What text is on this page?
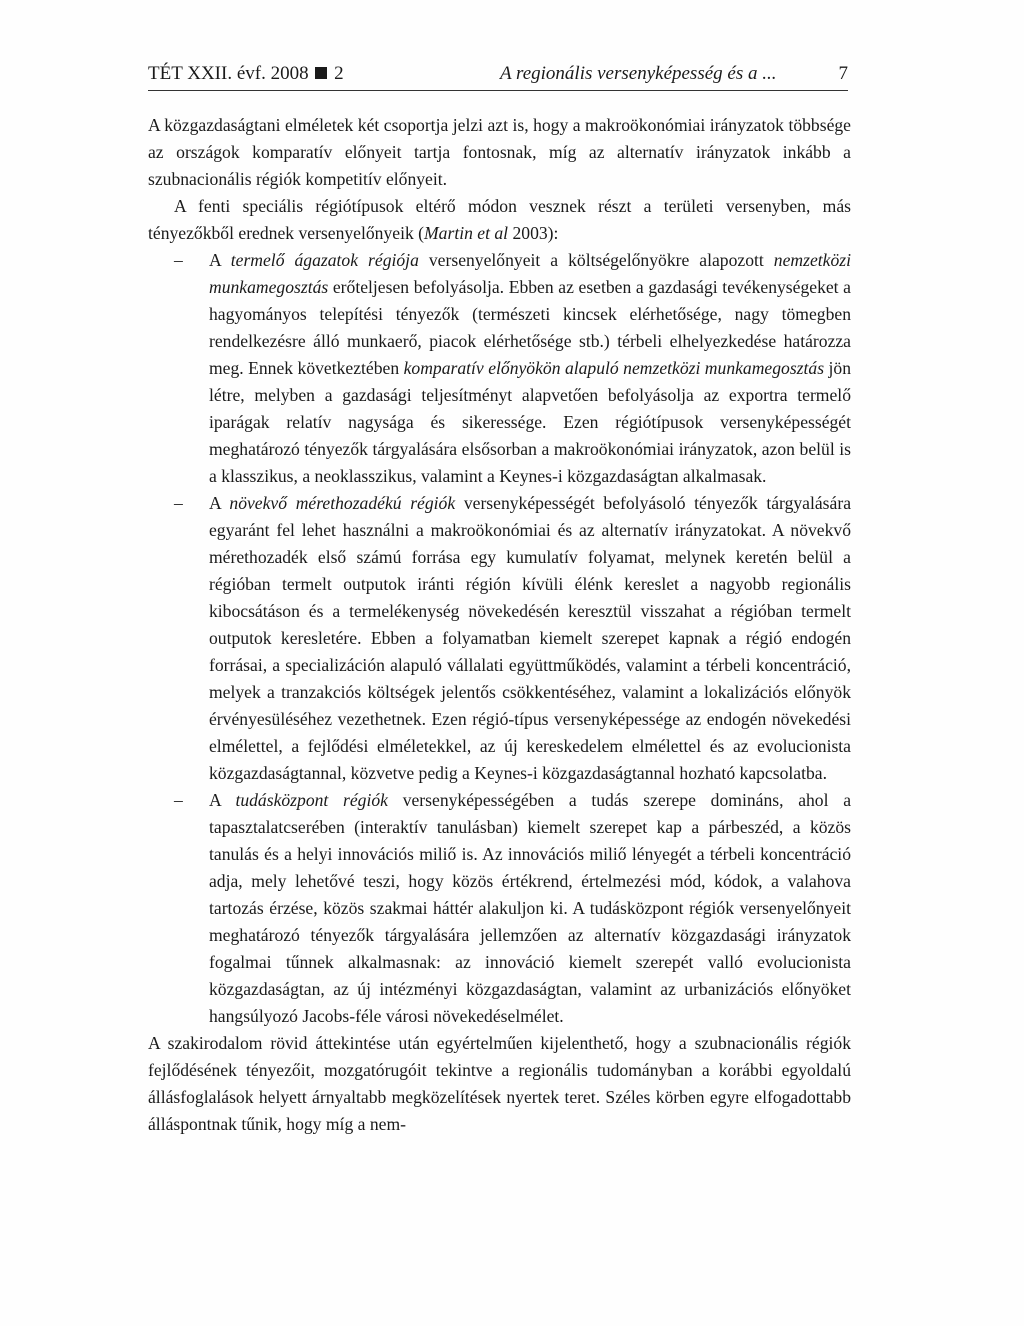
TÉT XXII. évf. 2008 2	A regionális versenyképesség és a ...	7

A közgazdaságtani elméletek két csoportja jelzi azt is, hogy a makroökonómiai irányzatok többsége az országok komparatív előnyeit tartja fontosnak, míg az alternatív irányzatok inkább a szubnacionális régiók kompetitív előnyeit.

A fenti speciális régiótípusok eltérő módon vesznek részt a területi versenyben, más tényezőkből erednek versenyelőnyeik (Martin et al 2003):

– A termelő ágazatok régiója versenyelőnyeit a költségelőnyökre alapozott nemzetközi munkamegosztás erőteljesen befolyásolja. Ebben az esetben a gazdasági tevékenységeket a hagyományos telepítési tényezők (természeti kincsek elérhetősége, nagy tömegben rendelkezésre álló munkaerő, piacok elérhetősége stb.) térbeli elhelyezkedése határozza meg. Ennek következtében komparatív előnyökön alapuló nemzetközi munkamegosztás jön létre, melyben a gazdasági teljesítményt alapvetően befolyásolja az exportra termelő iparágak relatív nagysága és sikeressége. Ezen régiótípusok versenyképességét meghatározó tényezők tárgyalására elsősorban a makroökonómiai irányzatok, azon belül is a klasszikus, a neoklasszikus, valamint a Keynes-i közgazdaságtan alkalmasak.

– A növekvő mérethozadékú régiók versenyképességét befolyásoló tényezők tárgyalására egyaránt fel lehet használni a makroökonómiai és az alternatív irányzatokat. A növekvő mérethozadék első számú forrása egy kumulatív folyamat, melynek keretén belül a régióban termelt outputok iránti régión kívüli élénk kereslet a nagyobb regionális kibocsátáson és a termelékenység növekedésén keresztül visszahat a régióban termelt outputok keresletére. Ebben a folyamatban kiemelt szerepet kapnak a régió endogén forrásai, a specializáción alapuló vállalati együttműködés, valamint a térbeli koncentráció, melyek a tranzakciós költségek jelentős csökkentéséhez, valamint a lokalizációs előnyök érvényesüléséhez vezethetnek. Ezen régió-típus versenyképessége az endogén növekedési elmélettel, a fejlődési elméletekkel, az új kereskedelem elmélettel és az evolucionista közgazdaságtannal, közvetve pedig a Keynes-i közgazdaságtannal hozható kapcsolatba.

– A tudásközpont régiók versenyképességében a tudás szerepe domináns, ahol a tapasztalatcserében (interaktív tanulásban) kiemelt szerepet kap a párbeszéd, a közös tanulás és a helyi innovációs miliő is. Az innovációs miliő lényegét a térbeli koncentráció adja, mely lehetővé teszi, hogy közös értékrend, értelmezési mód, kódok, a valahova tartozás érzése, közös szakmai háttér alakuljon ki. A tudásközpont régiók versenyelőnyeit meghatározó tényezők tárgyalására jellemzően az alternatív közgazdasági irányzatok fogalmai tűnnek alkalmasnak: az innováció kiemelt szerepét valló evolucionista közgazdaságtan, az új intézményi közgazdaságtan, valamint az urbanizációs előnyöket hangsúlyozó Jacobs-féle városi növekedéselmélet.

A szakirodalom rövid áttekintése után egyértelműen kijelenthető, hogy a szubnacionális régiók fejlődésének tényezőit, mozgatórugóit tekintve a regionális tudományban a korábbi egyoldalú állásfoglalások helyett árnyaltabb megközelítések nyertek teret. Széles körben egyre elfogadottabb álláspontnak tűnik, hogy míg a nem-
